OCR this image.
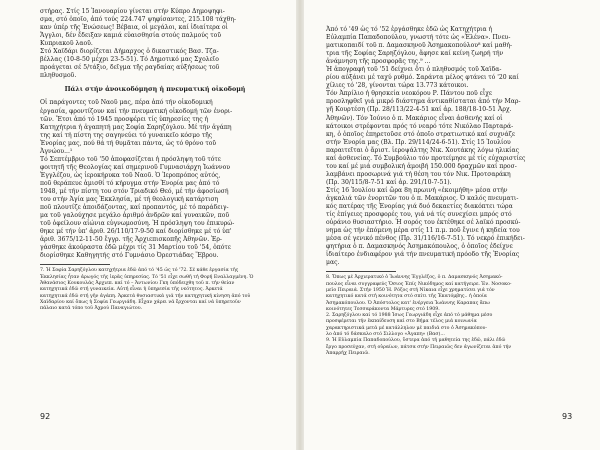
στήρας. Στίς 15 Ἰανουαρίου γίνεται στήν Κύπρο Δημοψηφι-

σμα, στό ὁποῖο, ἀπό τούς 224.747 ψηφίσαντες, 215.108 τάχθη-

καν ὑπέρ τῆς Ἑνώσεως! Βέβαια, οἱ μεγάλοι, καί ἰδιαίτερα οἱ

Ἄγγλοι, δέν ἔδειξαν καμιά εὐαισθησία στούς παλμούς τοῦ

Κυπριακοῦ λαοῦ.

Στό Χαϊδάρι διορίζεται Δήμαρχος ὁ δικαστικός Βασ. Τζα-

βέλλας (10-8-50 μέχρι 23-5-51). Τό Δημοτικό μας Σχολεῖο

προάγεται σέ 5/τάξιο, δεῖγμα τῆς ραγδαίας αὐξήσεως τοῦ

πληθυσμοῦ.

Πάλι στήν ἀνοικοδόμηση ἡ πνευματική οἰκοδομή

Οἱ παράγοντες τοῦ Ναοῦ μας, πέρα ἀπό τήν οἰκοδομική

ἐργασία, φροντίζουν καί τήν πνευματική οἰκοδομή τῶν ἐνορι-

τῶν. Ἔτσι ἀπό τό 1945 προσφέρει τίς ὑπηρεσίες της ἡ

Κατηχήτρια ἡ ἀγαπητή μας Σοφία Σαρηζόγλου. Μέ τήν ἀγάπη

της καί τή πίστη της σαγηνεύει τό γυναικεῖο κόσμο τῆς

Ἐνορίας μας, πού θά τή θυμᾶται πάντα, ὡς τό θρόνο τοῦ

Ἀγνώου...¹

Τό Σεπτέμβριο τοῦ '50 ἀποφασίζεται ἡ πρόσληψη τοῦ τότε

φοιτητῆ τῆς Θεολογίας καί σημερινοῦ Γυμνασιάρχη Ἰωάννου

Ἐγγλέζου, ὡς ἱεροκήρυκα τοῦ Ναοῦ. Ὁ Ἱεροπρόπος αὐτός,

ποῦ θεράπευε ἀμισθί τό κήρυγμα στήν Ἐνορία μας ἀπό τό

1948, μέ τήν πίστη του στόν Τριαδικό Θεό, μέ τήν ἀφοσίωσή

του στήν Ἁγία μας Ἐκκλησία, μέ τή θεολογική κατάρτιση

ποῦ πλουτίζε ἀποιδάζοντας, καί προπαντός, μέ τό παράδειγ-

μα τοῦ γαλούχησε μεγάλο ἀριθμό ἀνδρῶν καί γυναικῶν, ποῦ

τοῦ ὀφείλουν αἰώνια εὐγνωμοσύνη. Ἡ πρόσληψη του ἐπικυρώ-

θηκε μέ τήν ὑπ' ἀριθ. 26/110/17-9-50 καί διορίσθηκε μέ τό ὑπ'

ἀριθ. 3675/12-11-50 ἔγγρ. τῆς Ἀρχιεπισκοπῆς Ἀθηνῶν. Ἐρ-

γάσθηκε ἀκούραστα ἐδῶ μέχρι τίς 31 Μαρτίου τοῦ '54, ὁπότε

διορίσθηκε Καθηγητής στό Γυμνάσιο Ὀρεστιάδας Ἕβρου.

7. Ἡ Σοφία Σαρηζόγλου κατηχήτρια ἐδῶ ἀπό τό '45 ὡς τό '72. Σέ κάθε ἐργασία τῆς

Ἐκκλησίας ἦταν ἀρωγός τῆς ἱερᾶς ὑπηρεσίας. Τό '51 εἶχε σωθῆ τή Φορή Εναλλαγμένη. Ὁ

Ἀθανάσιος Κουκουλάς Ἀρχιεπ. καί τό – Ἀντωνίου Γκη ὑπόδειχθη τοῦ π. τήν θείαν

κατηχητικά ἐδῶ στή γυναικεία. Αὐτή εἶναι ἡ ὑπηρεσία τῆς νεότητος. Ἀρκετά

κατηχητικά ἐδῶ στή γῆν ἀγάπη. Ἀρκετά θυσιαστικά γιά τήν κατηχητική κίνηση ἀπό τοῦ

Χαϊδαρίου καί ὅπως ἡ Σοφία Γεωργιάδη. Εἶχαν χάρει νά ἔρχονται καί νά ὑπηρετοῦν

πάλαιο κατά τόπο τοῦ Ἀχρού Παναγιώτου.

92

Ἀπό τό '49 ὡς τό '52 ἐργάσθηκε ἐδῶ ὡς Κατηχήτρια ἡ

Εὐλαμπία Παπαδοπούλου, γνωστή τότε ὡς «Ἑλένα». Πνευ-

ματικοπαιδί τοῦ π. Δαμασκηνοῦ Ἀσημακοπούλου⁸ καί μαθή-

τρια τῆς Σοφίας Σαρηζόγλου, ἄφησε καί κείνη ζωηρή τήν

ἀνάμνηση τῆς προσφορᾶς της.⁹ ...

Ἡ ἀπογραφή τοῦ '51 δείχνει ὅτι ὁ πληθυσμός τοῦ Χαϊδα-

ρίου αὐξάνει μέ ταχύ ρυθμό. Σαράντα μέλος φτάνει τό '20 καί

χίλιες τό '28, γίνονται τώρα 13.773 κάτοικοι.

Τόν Ἀπρίλιο ἡ θρησκεία νεοκόρου Ρ. Πάντου ποῦ εἶχε

προσληφθεῖ γιά μικρό διάστημα ἀντικαθίσταται ἀπό τήν Μαρ-

γῆ Κουρτέση (Πρ. 28/113/22-4-51 καί ἀρ. 188/18-10-51 Ἀρχ.

Ἀθηνῶν). Τόν Ἰούνιο ὁ π. Μακάριος εἶναι ἀσθενής καί οἱ

κάτοικοι στρέφονται πρός τό νεαρό τότε Νικόλαο Παρταρά-

κη, ὁ ὁποῖος ἐπηρετοῦσε στό ὁποῖο στρατιωτικό καί συχνάζε

στήν Ἐνορία μας (Βλ. Πρ. 29/114/24-6-51). Στίς 15 Ἰουλίου

παραιτεῖται ὁ ἄριστ. ἱεροψάλτης Νικ. Χουτάκης λόγω ηλικίας

καί ἀσθενείας. Τό Συμβούλιο τόν προτείμησε μέ τίς εὐχαριστίες

του καί μέ μιά συμβολική ἀμοιβή 150.000 δραχμῶν καί προσ-

λαμβάνει προσωρινά γιά τή θέση του τόν Νικ. Προτσαράκη

(Πρ. 30/115/8-7-51 καί ἀρ. 291/10-7-51).

Στίς 16 Ἰουλίου καί ὥρα 8η πρωινή «ἐκοιμήθη» μέσα στήν

ἀγκαλιά τῶν ἐνοριτῶν του ὁ π. Μακάριος. Ὁ καλός πνευματι-

κός πατέρας τῆς Ἐνορίας γιά δυό δεκαετίες διακόπτει τώρα

τίς ἐπίγειες προσφορές του, γιά νά τίς συνεχίσει μπρός στό

οὐράνιο θυσιαστήριο. Ἡ σορός του ἐκτέθηκε σέ λαϊκό προσκύ-

νημα ὡς τήν ἐπόμενη μέρα στίς 11 π.μ. ποῦ ἔγινε ἡ κηδεία του

μέσα σέ γενικό πένθος (Πρ. 31/116/16-7-51). Τό νεκρό ἐπικήδει-

φητήρια ὁ π. Δαμασκηνός Ἀσημακόπουλος, ὁ ὁποῖος ἐδείχνε

ἰδιαίτερο ἐνδιαφέρον γιά τήν πνευματική πρόοδο τῆς Ἐνορίας

μας.

8. Ὅπως μέ Ἀρχιερατικό ὁ Ἰωάννης Ἐγγλέζος, ὁ π. Δαμασκηνός Ἀσημακό-

πουλος εἶναι συγγραφεύς Ὄσιος Ἐπίς Νικόδημος καί κατήγειρε. Ἐν. Νοσοκο-

μεῖο Πειραιά. Στήν 1950 Ἡ. Ρόζος στή Νίκαια εἶχε χρηματίσει γιά τόν

κατηχητικό κατά στή κοινότητα στό σπίτι τῆς Ἑκατόμβης.. ἡ ὁποία

Ἀσημακόπουλου. Ὁ Ἀπόστολος κατ' ἐνέργεια Ἰωάννης Καραπας ἄπω

κοινότητες Τεσσαράκοντα Μάρτυρες στό 1909.

2. Σαρηζόγλου καί τό 1988 Ἰσως Γεωργιάδη εἶχε ἀπό τό μάθημα μέσο

προσφέρεται τήν ἐκπαίδευση καί στο Βήμα τέλος μιά κοινωνία

χαρακτηριστικά μετά μέ κατάλληλον μέ παιδιά στο ὁ Ἀσημακόπου-

λο ἀπό τό δάσκαλο στό Σιλλογο «Ἀγαπη» (Βασ)...

9. Ἡ Εὐλαμπία Παπαδοπούλου, ὕστερα ἀπό τή μαθητεία της ἐδῶ, πάλι ἐδῶ

ἔργο προσεύχαν, στή οὐραίων, πάτσα στήν Πειραιῶς δεν ἀγωνίζεται ἀπό τήν

Ἀπαρρήχ Πειραιῶ.

93
